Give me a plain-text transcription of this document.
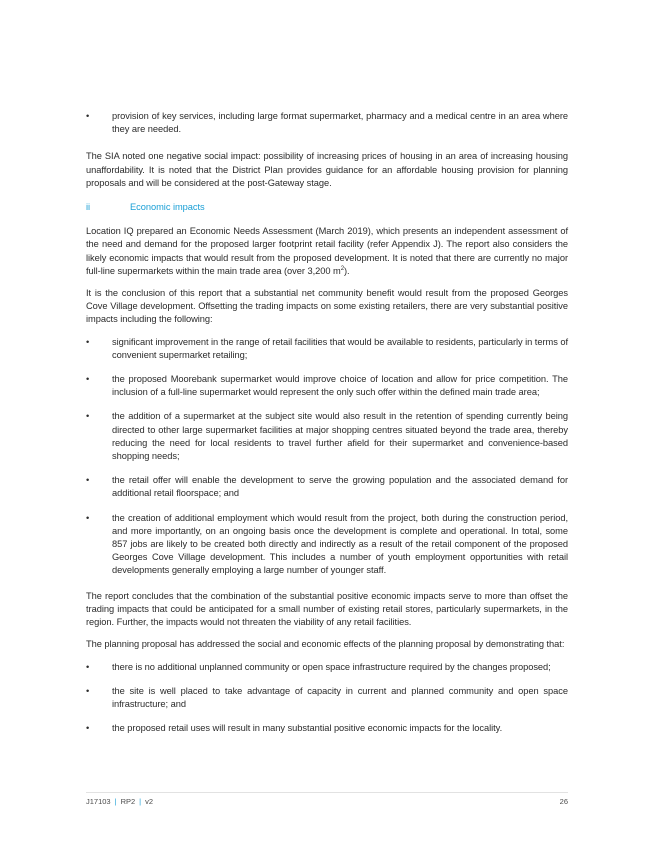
•	provision of key services, including large format supermarket, pharmacy and a medical centre in an area where they are needed.

The SIA noted one negative social impact: possibility of increasing prices of housing in an area of increasing housing unaffordability. It is noted that the District Plan provides guidance for an affordable housing provision for planning proposals and will be considered at the post-Gateway stage.

ii	Economic impacts

Location IQ prepared an Economic Needs Assessment (March 2019), which presents an independent assessment of the need and demand for the proposed larger footprint retail facility (refer Appendix J). The report also considers the likely economic impacts that would result from the proposed development. It is noted that there are currently no major full-line supermarkets within the main trade area (over 3,200 $m^2$).

It is the conclusion of this report that a substantial net community benefit would result from the proposed Georges Cove Village development. Offsetting the trading impacts on some existing retailers, there are very substantial positive impacts including the following:

•	significant improvement in the range of retail facilities that would be available to residents, particularly in terms of convenient supermarket retailing;
•	the proposed Moorebank supermarket would improve choice of location and allow for price competition. The inclusion of a full-line supermarket would represent the only such offer within the defined main trade area;
•	the addition of a supermarket at the subject site would also result in the retention of spending currently being directed to other large supermarket facilities at major shopping centres situated beyond the trade area, thereby reducing the need for local residents to travel further afield for their supermarket and convenience-based shopping needs;
•	the retail offer will enable the development to serve the growing population and the associated demand for additional retail floorspace; and
•	the creation of additional employment which would result from the project, both during the construction period, and more importantly, on an ongoing basis once the development is complete and operational. In total, some 857 jobs are likely to be created both directly and indirectly as a result of the retail component of the proposed Georges Cove Village development. This includes a number of youth employment opportunities with retail developments generally employing a large number of younger staff.

The report concludes that the combination of the substantial positive economic impacts serve to more than offset the trading impacts that could be anticipated for a small number of existing retail stores, particularly supermarkets, in the region. Further, the impacts would not threaten the viability of any retail facilities.

The planning proposal has addressed the social and economic effects of the planning proposal by demonstrating that:

•	there is no additional unplanned community or open space infrastructure required by the changes proposed;
•	the site is well placed to take advantage of capacity in current and planned community and open space infrastructure; and
•	the proposed retail uses will result in many substantial positive economic impacts for the locality.
J17103 | RP2 | v2	26
